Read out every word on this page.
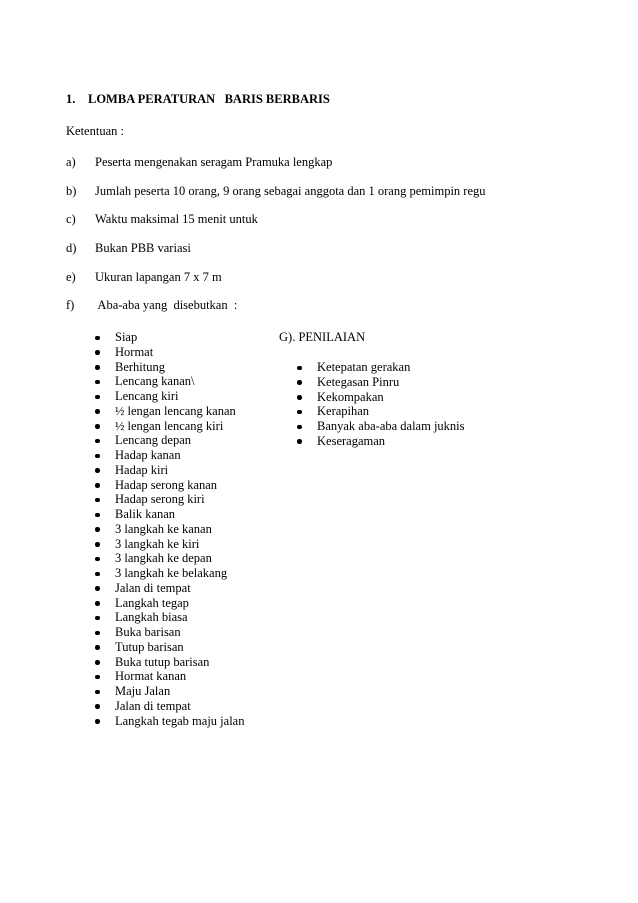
1. LOMBA PERATURAN   BARIS BERBARIS
Ketentuan :
a) Peserta mengenakan seragam Pramuka lengkap
b) Jumlah peserta 10 orang, 9 orang sebagai anggota dan 1 orang pemimpin regu
c) Waktu maksimal 15 menit untuk
d) Bukan PBB variasi
e) Ukuran lapangan 7 x 7 m
f) Aba-aba yang  disebutkan  :
Siap
Hormat
Berhitung
Lencang kanan\
Lencang kiri
½ lengan lencang kanan
½ lengan lencang kiri
Lencang depan
Hadap kanan
Hadap kiri
Hadap serong kanan
Hadap serong kiri
Balik kanan
3 langkah ke kanan
3 langkah ke kiri
3 langkah ke depan
3 langkah ke belakang
Jalan di tempat
Langkah tegap
Langkah biasa
Buka barisan
Tutup barisan
Buka tutup barisan
Hormat kanan
Maju Jalan
Jalan di tempat
Langkah tegab maju jalan
G). PENILAIAN
Ketepatan gerakan
Ketegasan Pinru
Kekompakan
Kerapihan
Banyak aba-aba dalam juknis
Keseragaman
